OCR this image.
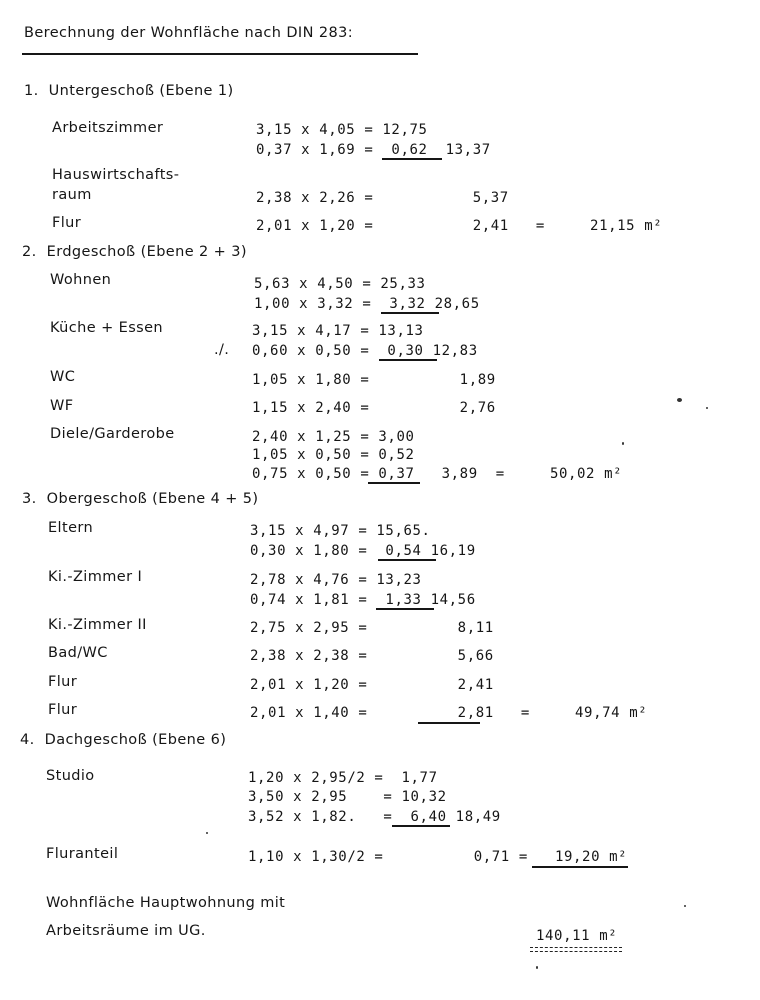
Berechnung der Wohnfläche nach DIN 283:
1.  Untergeschoß (Ebene 1)
Arbeitszimmer	3,15 x 4,05 = 12,75
0,37 x 1,69 =  0,62  13,37
Hauswirtschafts-
raum	2,38 x 2,26 =           5,37
Flur	2,01 x 1,20 =           2,41   =     21,15 m²
2.  Erdgeschoß (Ebene 2 + 3)
Wohnen	5,63 x 4,50 = 25,33
1,00 x 3,32 =  3,32 28,65
Küche + Essen
./.
3,15 x 4,17 = 13,13
0,60 x 0,50 =  0,30 12,83
WC	1,05 x 1,80 =          1,89
WF	1,15 x 2,40 =          2,76
Diele/Garderobe	2,40 x 1,25 = 3,00
1,05 x 0,50 = 0,52
0,75 x 0,50 = 0,37   3,89  =     50,02 m²
3.  Obergeschoß (Ebene 4 + 5)
Eltern	3,15 x 4,97 = 15,65.
0,30 x 1,80 =  0,54 16,19
Ki.-Zimmer I	2,78 x 4,76 = 13,23
0,74 x 1,81 =  1,33 14,56
Ki.-Zimmer II	2,75 x 2,95 =          8,11
Bad/WC	2,38 x 2,38 =          5,66
Flur	2,01 x 1,20 =          2,41
Flur	2,01 x 1,40 =          2,81   =     49,74 m²
4.  Dachgeschoß (Ebene 6)
Studio	1,20 x 2,95/2 =  1,77
3,50 x 2,95    = 10,32
3,52 x 1,82.   =  6,40 18,49
Fluranteil	1,10 x 1,30/2 =          0,71 =   19,20 m²
Wohnfläche Hauptwohnung mit
Arbeitsräume im UG.	140,11 m²
